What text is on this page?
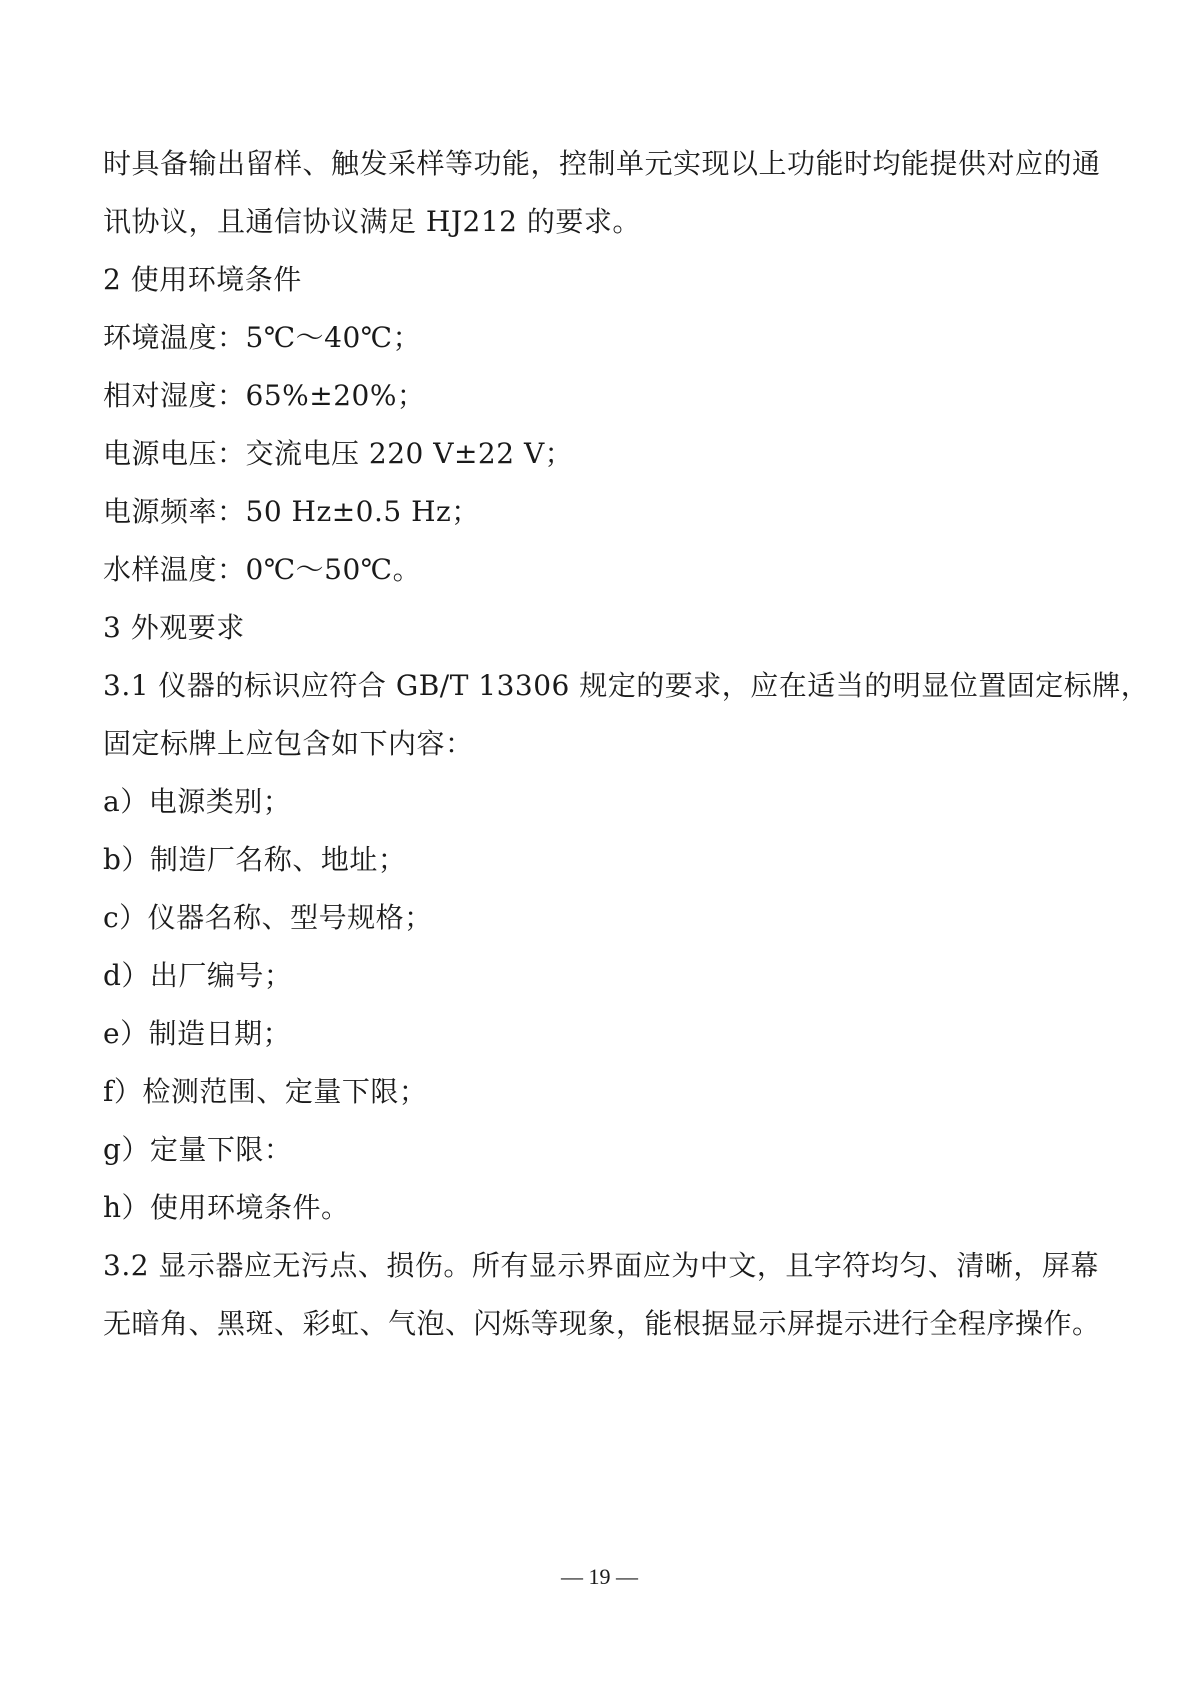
时具备输出留样、触发采样等功能，控制单元实现以上功能时均能提供对应的通
讯协议，且通信协议满足 HJ212 的要求。
2 使用环境条件
环境温度：5℃～40℃；
相对湿度：65%±20%；
电源电压：交流电压 220 V±22 V；
电源频率：50 Hz±0.5 Hz；
水样温度：0℃～50℃。
3 外观要求
3.1 仪器的标识应符合 GB/T 13306 规定的要求，应在适当的明显位置固定标牌，
固定标牌上应包含如下内容：
a）电源类别；
b）制造厂名称、地址；
c）仪器名称、型号规格；
d）出厂编号；
e）制造日期；
f）检测范围、定量下限；
g）定量下限：
h）使用环境条件。
3.2 显示器应无污点、损伤。所有显示界面应为中文，且字符均匀、清晰，屏幕
无暗角、黑斑、彩虹、气泡、闪烁等现象，能根据显示屏提示进行全程序操作。
— 19 —
